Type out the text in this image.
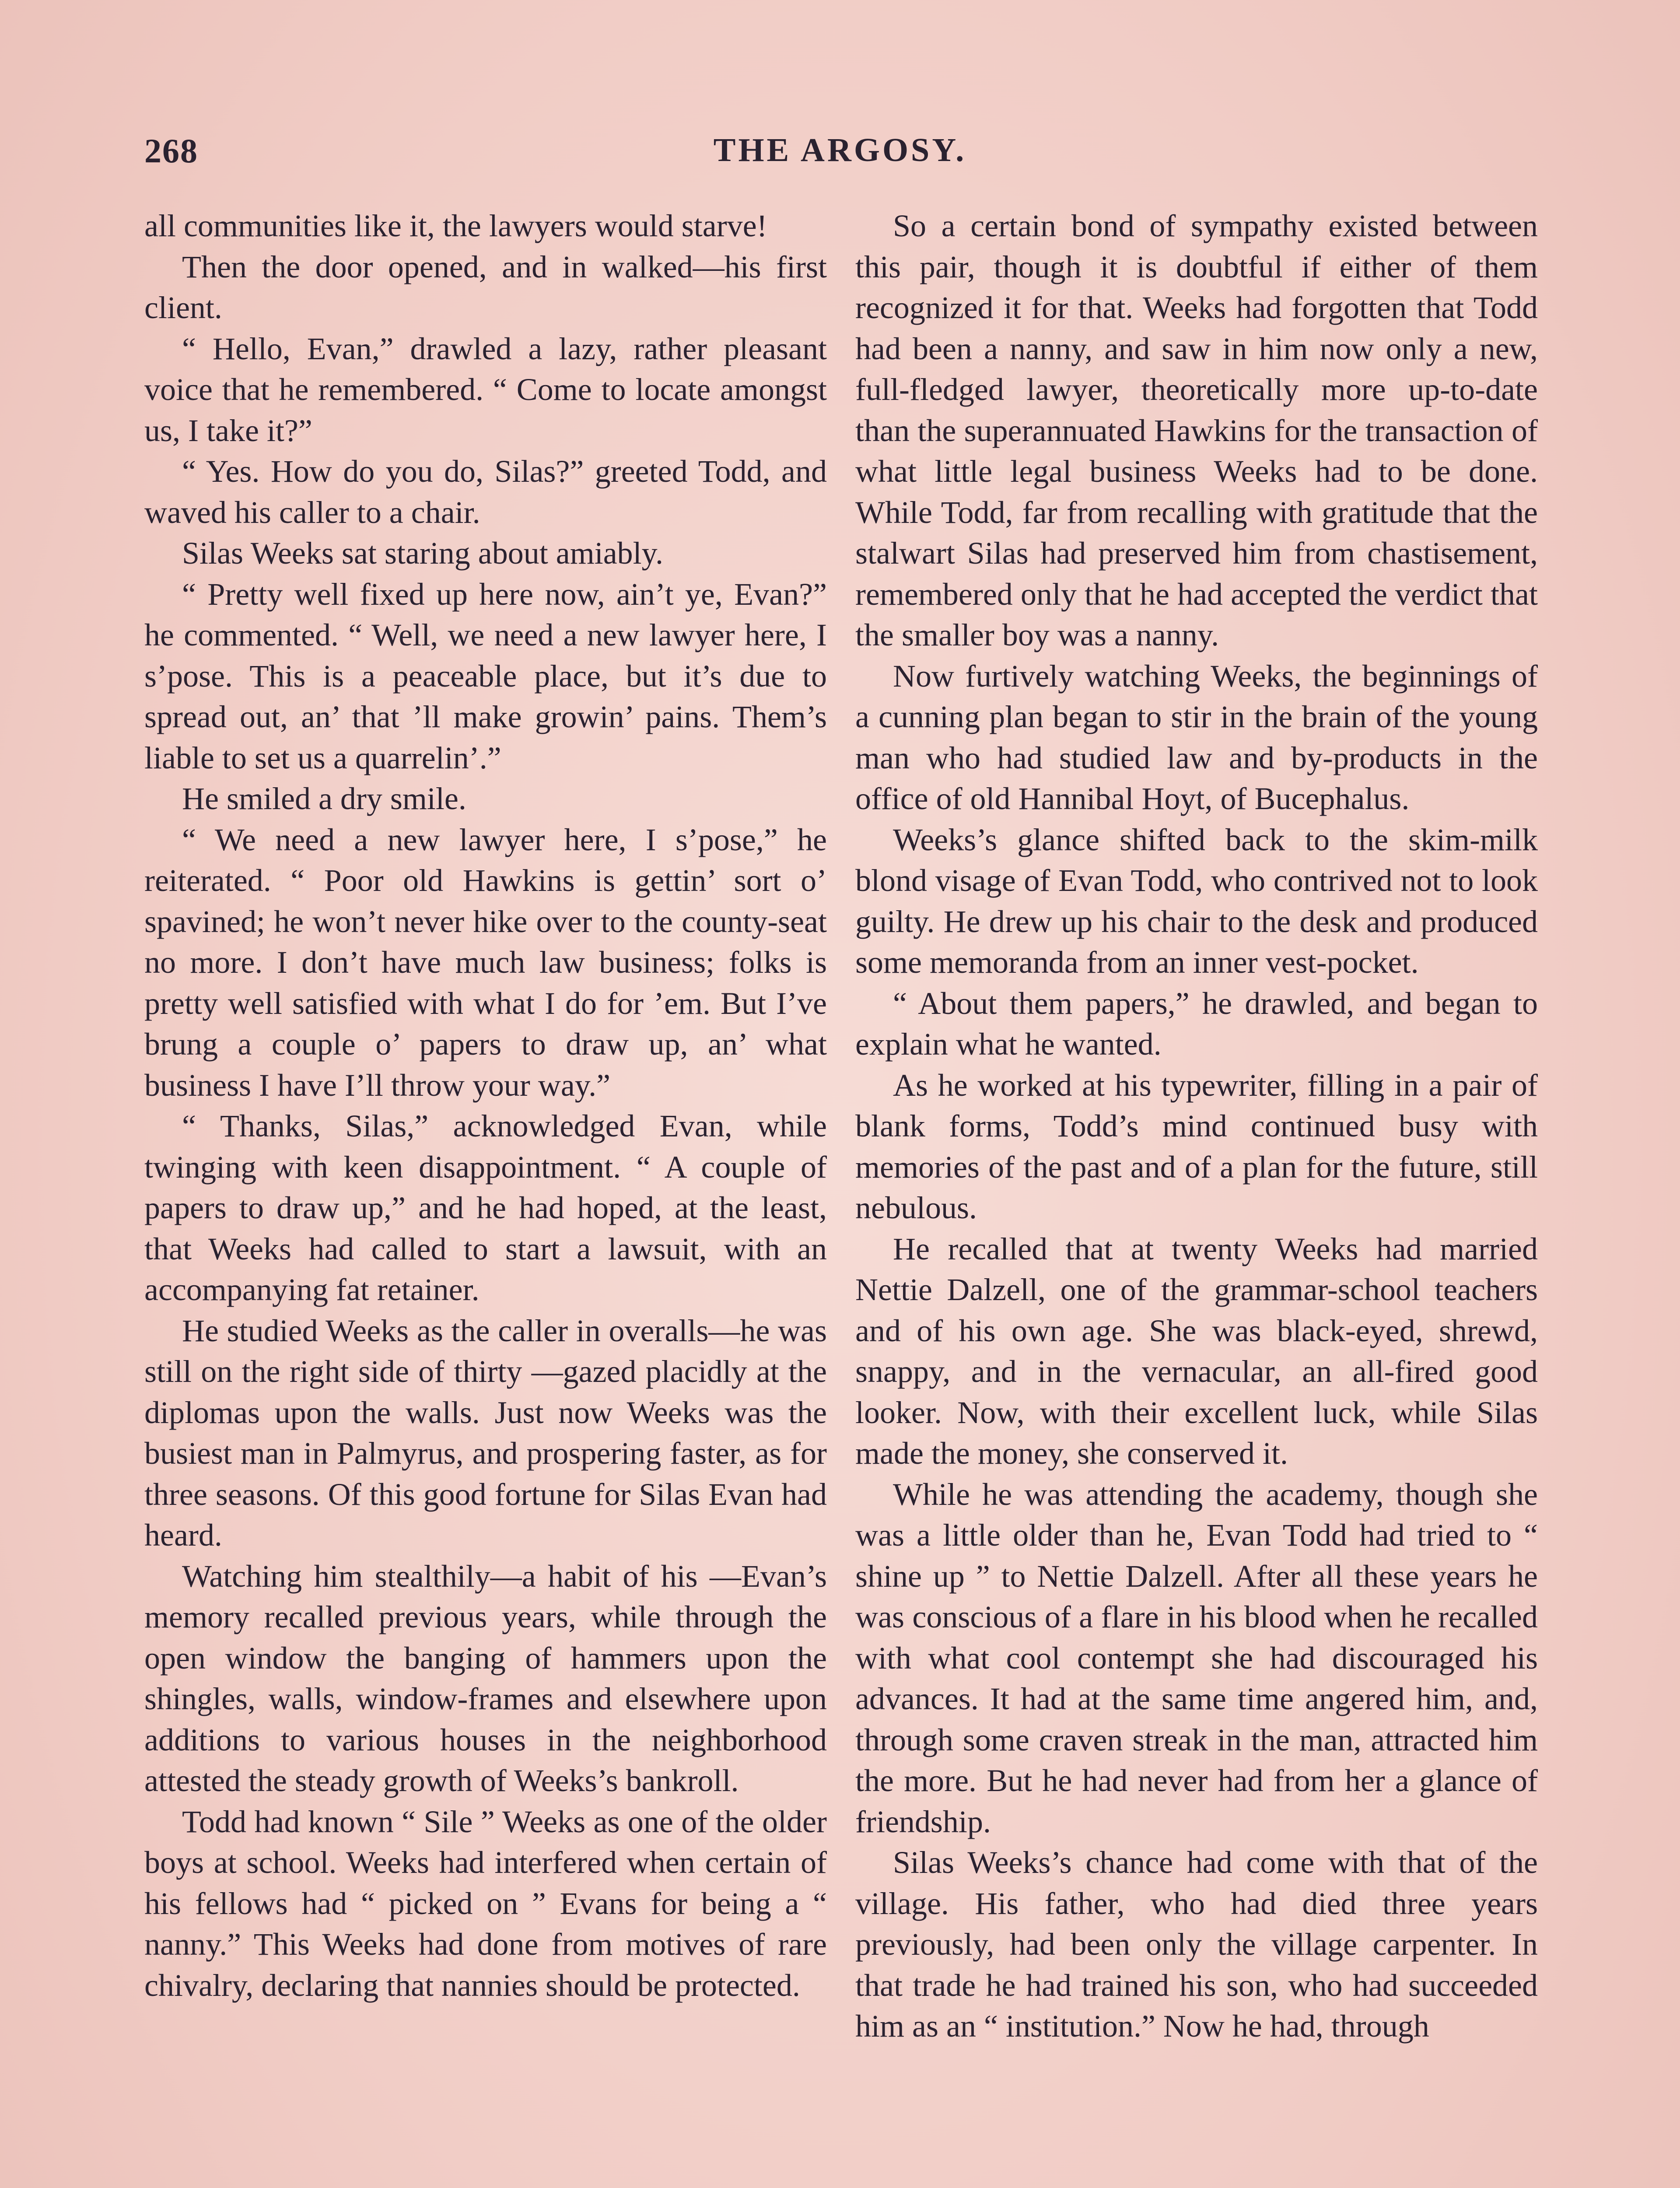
268	THE ARGOSY.

all communities like it, the lawyers would starve!

Then the door opened, and in walked—his first client.

“ Hello, Evan,” drawled a lazy, rather pleasant voice that he remembered. “ Come to locate amongst us, I take it?”

“ Yes. How do you do, Silas?” greeted Todd, and waved his caller to a chair.

Silas Weeks sat staring about amiably.

“ Pretty well fixed up here now, ain’t ye, Evan?” he commented. “ Well, we need a new lawyer here, I s’pose. This is a peaceable place, but it’s due to spread out, an’ that ’ll make growin’ pains. Them’s liable to set us a quarrelin’.”

He smiled a dry smile.

“ We need a new lawyer here, I s’pose,” he reiterated. “ Poor old Hawkins is gettin’ sort o’ spavined; he won’t never hike over to the county-seat no more. I don’t have much law business; folks is pretty well satisfied with what I do for ’em. But I’ve brung a couple o’ papers to draw up, an’ what business I have I’ll throw your way.”

“ Thanks, Silas,” acknowledged Evan, while twinging with keen disappointment. “ A couple of papers to draw up,” and he had hoped, at the least, that Weeks had called to start a lawsuit, with an accompanying fat retainer.

He studied Weeks as the caller in overalls—he was still on the right side of thirty —gazed placidly at the diplomas upon the walls. Just now Weeks was the busiest man in Palmyrus, and prospering faster, as for three seasons. Of this good fortune for Silas Evan had heard.

Watching him stealthily—a habit of his —Evan’s memory recalled previous years, while through the open window the banging of hammers upon the shingles, walls, window-frames and elsewhere upon additions to various houses in the neighborhood attested the steady growth of Weeks’s bankroll.

Todd had known “ Sile ” Weeks as one of the older boys at school. Weeks had interfered when certain of his fellows had “ picked on ” Evans for being a “ nanny.” This Weeks had done from motives of rare chivalry, declaring that nannies should be protected.

So a certain bond of sympathy existed between this pair, though it is doubtful if either of them recognized it for that. Weeks had forgotten that Todd had been a nanny, and saw in him now only a new, full-fledged lawyer, theoretically more up-to-date than the superannuated Hawkins for the transaction of what little legal business Weeks had to be done. While Todd, far from recalling with gratitude that the stalwart Silas had preserved him from chastisement, remembered only that he had accepted the verdict that the smaller boy was a nanny.

Now furtively watching Weeks, the beginnings of a cunning plan began to stir in the brain of the young man who had studied law and by-products in the office of old Hannibal Hoyt, of Bucephalus.

Weeks’s glance shifted back to the skim-milk blond visage of Evan Todd, who contrived not to look guilty. He drew up his chair to the desk and produced some memoranda from an inner vest-pocket.

“ About them papers,” he drawled, and began to explain what he wanted.

As he worked at his typewriter, filling in a pair of blank forms, Todd’s mind continued busy with memories of the past and of a plan for the future, still nebulous.

He recalled that at twenty Weeks had married Nettie Dalzell, one of the grammar-school teachers and of his own age. She was black-eyed, shrewd, snappy, and in the vernacular, an all-fired good looker. Now, with their excellent luck, while Silas made the money, she conserved it.

While he was attending the academy, though she was a little older than he, Evan Todd had tried to “ shine up ” to Nettie Dalzell. After all these years he was conscious of a flare in his blood when he recalled with what cool contempt she had discouraged his advances. It had at the same time angered him, and, through some craven streak in the man, attracted him the more. But he had never had from her a glance of friendship.

Silas Weeks’s chance had come with that of the village. His father, who had died three years previously, had been only the village carpenter. In that trade he had trained his son, who had succeeded him as an “ institution.” Now he had, through
